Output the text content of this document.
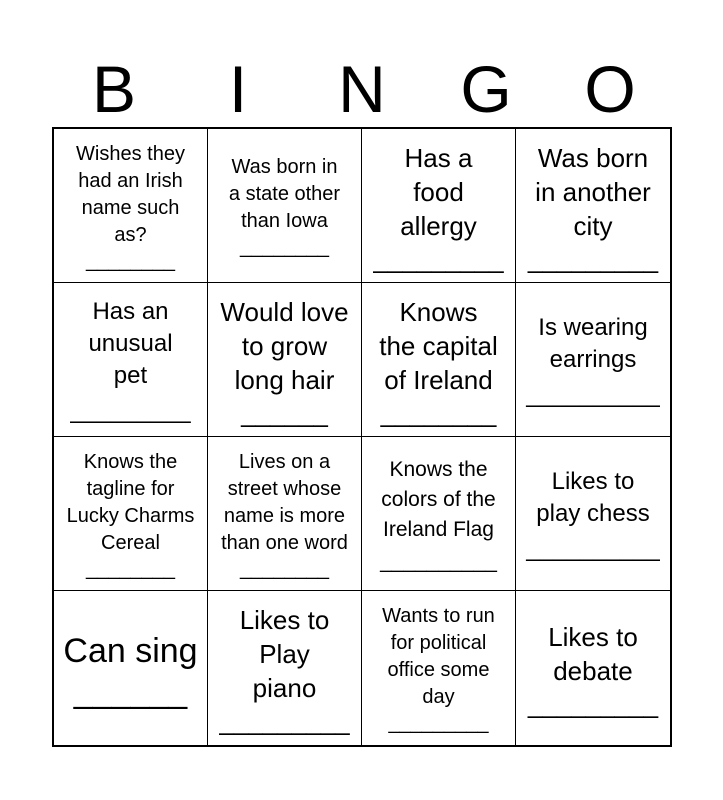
B	I	N	G	O
Wishes they
had an Irish
name such
as?
________
Was born in
a state other
than Iowa
________
Has a
food
allergy
_________
Was born
in another
city
_________
Has an
unusual
pet
_________
Would love
to grow
long hair
______
Knows
the capital
of Ireland
________
Is wearing
earrings
__________
Knows the
tagline for
Lucky Charms
Cereal
________
Lives on a
street whose
name is more
than one word
________
Knows the
colors of the
Ireland Flag
__________
Likes to
play chess
__________
Can sing
______
Likes to
Play
piano
_________
Wants to run
for political
office some
day
_________
Likes to
debate
_________
